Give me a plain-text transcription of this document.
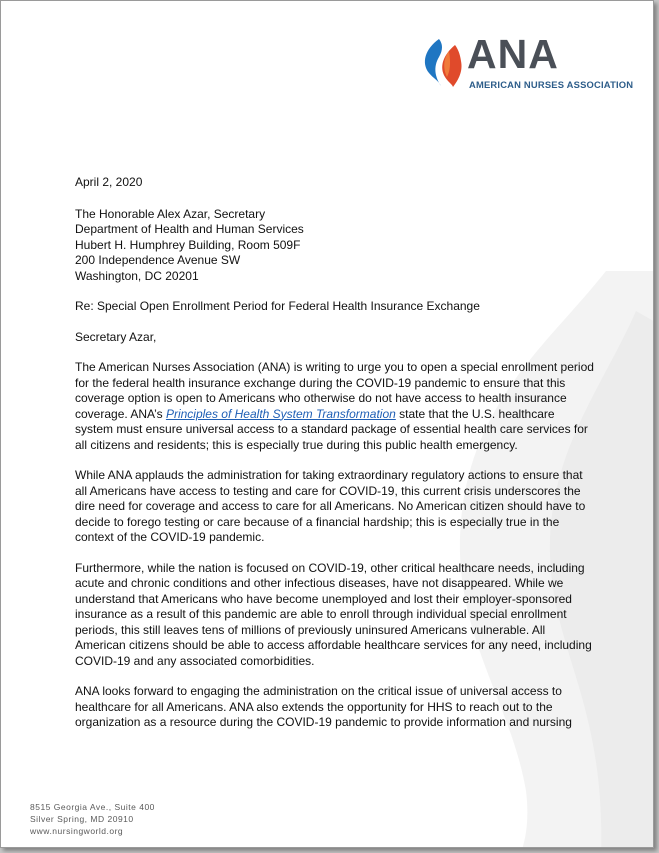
ANA
AMERICAN NURSES ASSOCIATION

April 2, 2020

The Honorable Alex Azar, Secretary
Department of Health and Human Services
Hubert H. Humphrey Building, Room 509F
200 Independence Avenue SW
Washington, DC 20201

Re: Special Open Enrollment Period for Federal Health Insurance Exchange

Secretary Azar,

The American Nurses Association (ANA) is writing to urge you to open a special enrollment period for the federal health insurance exchange during the COVID-19 pandemic to ensure that this coverage option is open to Americans who otherwise do not have access to health insurance coverage. ANA’s Principles of Health System Transformation state that the U.S. healthcare system must ensure universal access to a standard package of essential health care services for all citizens and residents; this is especially true during this public health emergency.

While ANA applauds the administration for taking extraordinary regulatory actions to ensure that all Americans have access to testing and care for COVID-19, this current crisis underscores the dire need for coverage and access to care for all Americans. No American citizen should have to decide to forego testing or care because of a financial hardship; this is especially true in the context of the COVID-19 pandemic.

Furthermore, while the nation is focused on COVID-19, other critical healthcare needs, including acute and chronic conditions and other infectious diseases, have not disappeared. While we understand that Americans who have become unemployed and lost their employer-sponsored insurance as a result of this pandemic are able to enroll through individual special enrollment periods, this still leaves tens of millions of previously uninsured Americans vulnerable. All American citizens should be able to access affordable healthcare services for any need, including COVID-19 and any associated comorbidities.

ANA looks forward to engaging the administration on the critical issue of universal access to healthcare for all Americans. ANA also extends the opportunity for HHS to reach out to the organization as a resource during the COVID-19 pandemic to provide information and nursing

8515 Georgia Ave., Suite 400
Silver Spring, MD 20910
www.nursingworld.org
